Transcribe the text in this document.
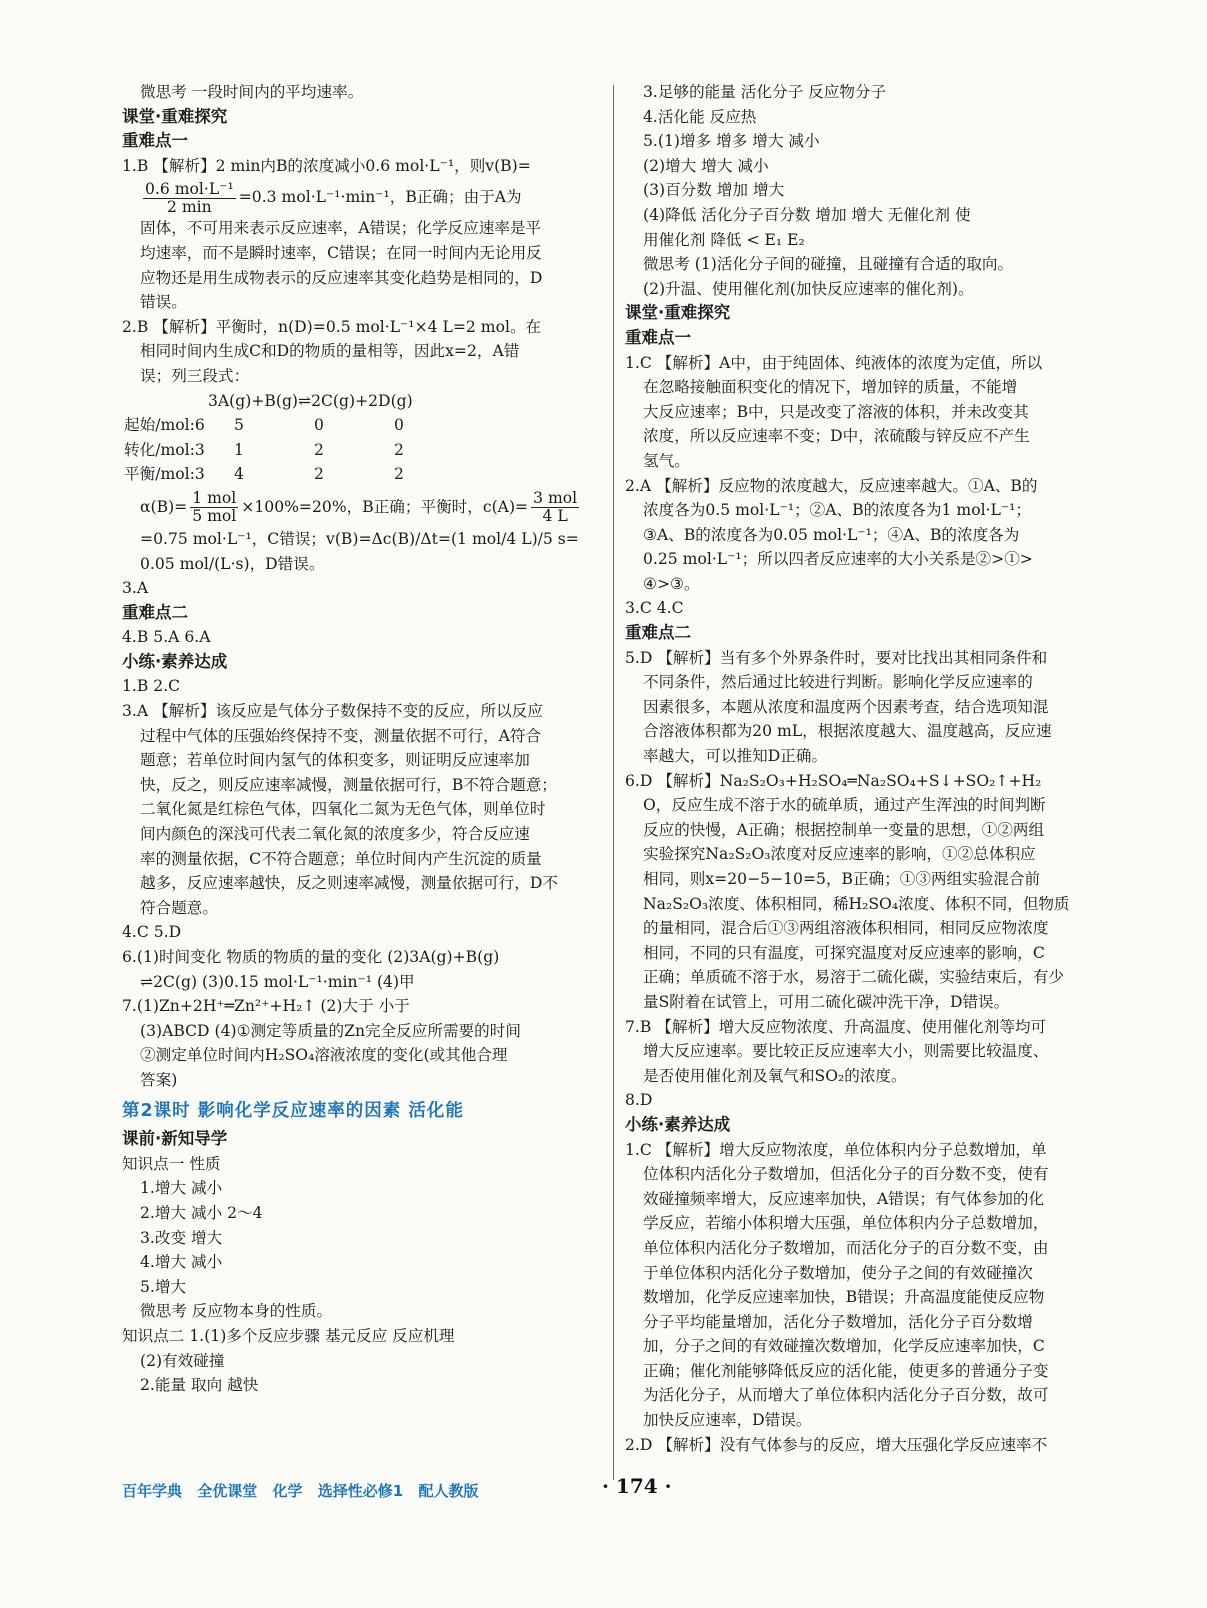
微思考 一段时间内的平均速率。
课堂·重难探究
重难点一
1.B 【解析】2 min内B的浓度减小0.6 mol·L⁻¹，则v(B)=
$\frac{\text{0.6 mol·L⁻¹}}{2 \min} =0.3$ mol·L⁻¹·min⁻¹，B正确；由于A为
固体，不可用来表示反应速率，A错误；化学反应速率是平
均速率，而不是瞬时速率，C错误；在同一时间内无论用反
应物还是用生成物表示的反应速率其变化趋势是相同的，D
错误。
2.B 【解析】平衡时，n(D)=0.5 mol·L⁻¹×4 L=2 mol。在
相同时间内生成C和D的物质的量相等，因此x=2，A错
误；列三段式：
3A(g)+B(g)⇌2C(g)+2D(g)
起始/mol:6	5	0	0
转化/mol:3	1	2	2
平衡/mol:3	4	2	2
$\alpha(B)= \frac{\text{1 mol}}{\text{5 mol}} \times 100\%=20\%$，B正确；平衡时，$c(A)= \frac{\text{3 mol}}{4 L}$
=0.75 mol·L⁻¹，C错误；v(B)=Δc(B)/Δt=(1 mol/4 L)/5 s=
0.05 mol/(L·s)，D错误。
3.A
重难点二
4.B 5.A 6.A
小练·素养达成
1.B 2.C
3.A 【解析】该反应是气体分子数保持不变的反应，所以反应
过程中气体的压强始终保持不变，测量依据不可行，A符合
题意；若单位时间内氢气的体积变多，则证明反应速率加
快，反之，则反应速率减慢，测量依据可行，B不符合题意；
二氧化氮是红棕色气体，四氧化二氮为无色气体，则单位时
间内颜色的深浅可代表二氧化氮的浓度多少，符合反应速
率的测量依据，C不符合题意；单位时间内产生沉淀的质量
越多，反应速率越快，反之则速率减慢，测量依据可行，D不
符合题意。
4.C 5.D
6.(1)时间变化 物质的物质的量的变化 (2)3A(g)+B(g)
⇌2C(g) (3)0.15 mol·L⁻¹·min⁻¹ (4)甲
7.(1)Zn+2H⁺═Zn²⁺+H₂↑ (2)大于 小于
(3)ABCD (4)①测定等质量的Zn完全反应所需要的时间
②测定单位时间内H₂SO₄溶液浓度的变化(或其他合理
答案)
第2课时 影响化学反应速率的因素 活化能
课前·新知导学
知识点一 性质
1.增大 减小
2.增大 减小 2～4
3.改变 增大
4.增大 减小
5.增大
微思考 反应物本身的性质。
知识点二 1.(1)多个反应步骤 基元反应 反应机理
(2)有效碰撞
2.能量 取向 越快
3.足够的能量 活化分子 反应物分子
4.活化能 反应热
5.(1)增多 增多 增大 减小
(2)增大 增大 减小
(3)百分数 增加 增大
(4)降低 活化分子百分数 增加 增大 无催化剂 使
用催化剂 降低 < E₁ E₂
微思考 (1)活化分子间的碰撞，且碰撞有合适的取向。
(2)升温、使用催化剂(加快反应速率的催化剂)。
课堂·重难探究
重难点一
1.C 【解析】A中，由于纯固体、纯液体的浓度为定值，所以
在忽略接触面积变化的情况下，增加锌的质量，不能增
大反应速率；B中，只是改变了溶液的体积，并未改变其
浓度，所以反应速率不变；D中，浓硫酸与锌反应不产生
氢气。
2.A 【解析】反应物的浓度越大，反应速率越大。①A、B的
浓度各为0.5 mol·L⁻¹；②A、B的浓度各为1 mol·L⁻¹；
③A、B的浓度各为0.05 mol·L⁻¹；④A、B的浓度各为
0.25 mol·L⁻¹；所以四者反应速率的大小关系是②>①>
④>③。
3.C 4.C
重难点二
5.D 【解析】当有多个外界条件时，要对比找出其相同条件和
不同条件，然后通过比较进行判断。影响化学反应速率的
因素很多，本题从浓度和温度两个因素考查，结合选项知混
合溶液体积都为20 mL，根据浓度越大、温度越高，反应速
率越大，可以推知D正确。
6.D 【解析】Na₂S₂O₃+H₂SO₄═Na₂SO₄+S↓+SO₂↑+H₂
O，反应生成不溶于水的硫单质，通过产生浑浊的时间判断
反应的快慢，A正确；根据控制单一变量的思想，①②两组
实验探究Na₂S₂O₃浓度对反应速率的影响，①②总体积应
相同，则x=20−5−10=5，B正确；①③两组实验混合前
Na₂S₂O₃浓度、体积相同，稀H₂SO₄浓度、体积不同，但物质
的量相同，混合后①③两组溶液体积相同，相同反应物浓度
相同，不同的只有温度，可探究温度对反应速率的影响，C
正确；单质硫不溶于水，易溶于二硫化碳，实验结束后，有少
量S附着在试管上，可用二硫化碳冲洗干净，D错误。
7.B 【解析】增大反应物浓度、升高温度、使用催化剂等均可
增大反应速率。要比较正反应速率大小，则需要比较温度、
是否使用催化剂及氧气和SO₂的浓度。
8.D
小练·素养达成
1.C 【解析】增大反应物浓度，单位体积内分子总数增加，单
位体积内活化分子数增加，但活化分子的百分数不变，使有
效碰撞频率增大，反应速率加快，A错误；有气体参加的化
学反应，若缩小体积增大压强，单位体积内分子总数增加，
单位体积内活化分子数增加，而活化分子的百分数不变，由
于单位体积内活化分子数增加，使分子之间的有效碰撞次
数增加，化学反应速率加快，B错误；升高温度能使反应物
分子平均能量增加，活化分子数增加，活化分子百分数增
加，分子之间的有效碰撞次数增加，化学反应速率加快，C
正确；催化剂能够降低反应的活化能，使更多的普通分子变
为活化分子，从而增大了单位体积内活化分子百分数，故可
加快反应速率，D错误。
2.D 【解析】没有气体参与的反应，增大压强化学反应速率不
百年学典 全优课堂 化学 选择性必修1 配人教版	· 174 ·
